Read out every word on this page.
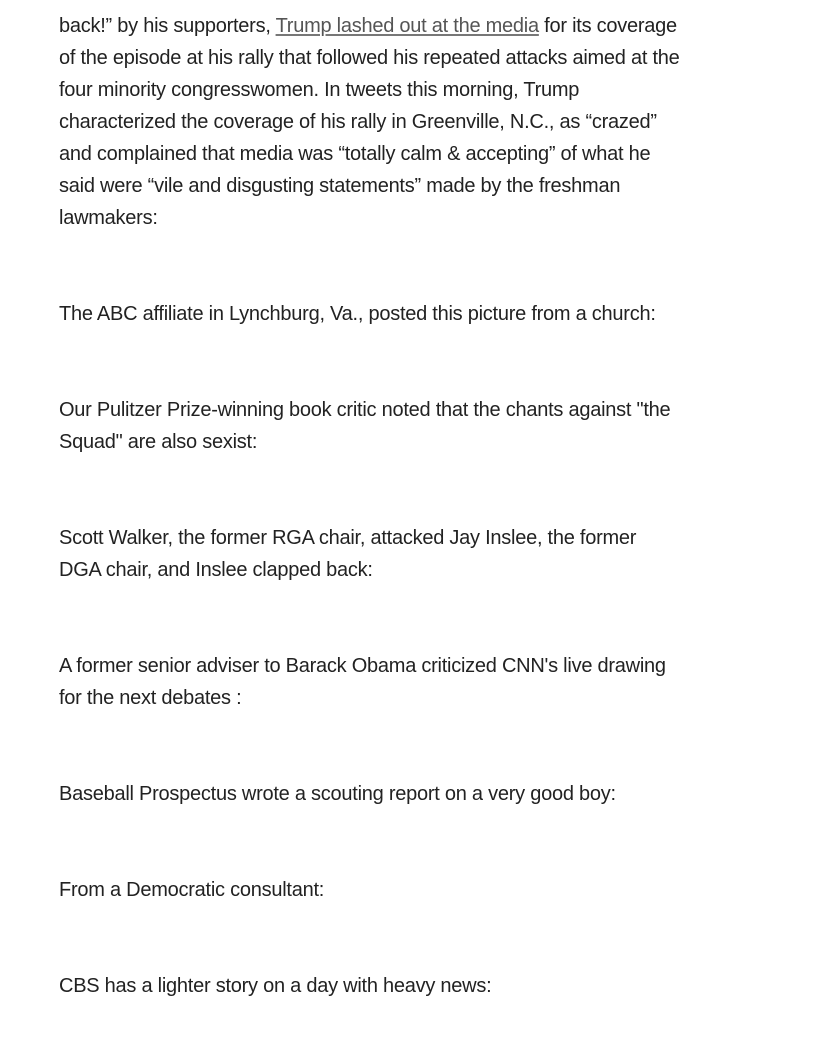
back!” by his supporters, Trump lashed out at the media for its coverage
of the episode at his rally that followed his repeated attacks aimed at the
four minority congresswomen. In tweets this morning, Trump
characterized the coverage of his rally in Greenville, N.C., as “crazed”
and complained that media was “totally calm & accepting” of what he
said were “vile and disgusting statements” made by the freshman
lawmakers:
The ABC affiliate in Lynchburg, Va., posted this picture from a church:
Our Pulitzer Prize-winning book critic noted that the chants against "the
Squad" are also sexist:
Scott Walker, the former RGA chair, attacked Jay Inslee, the former
DGA chair, and Inslee clapped back:
A former senior adviser to Barack Obama criticized CNN's live drawing
for the next debates :
Baseball Prospectus wrote a scouting report on a very good boy:
From a Democratic consultant:
CBS has a lighter story on a day with heavy news:
